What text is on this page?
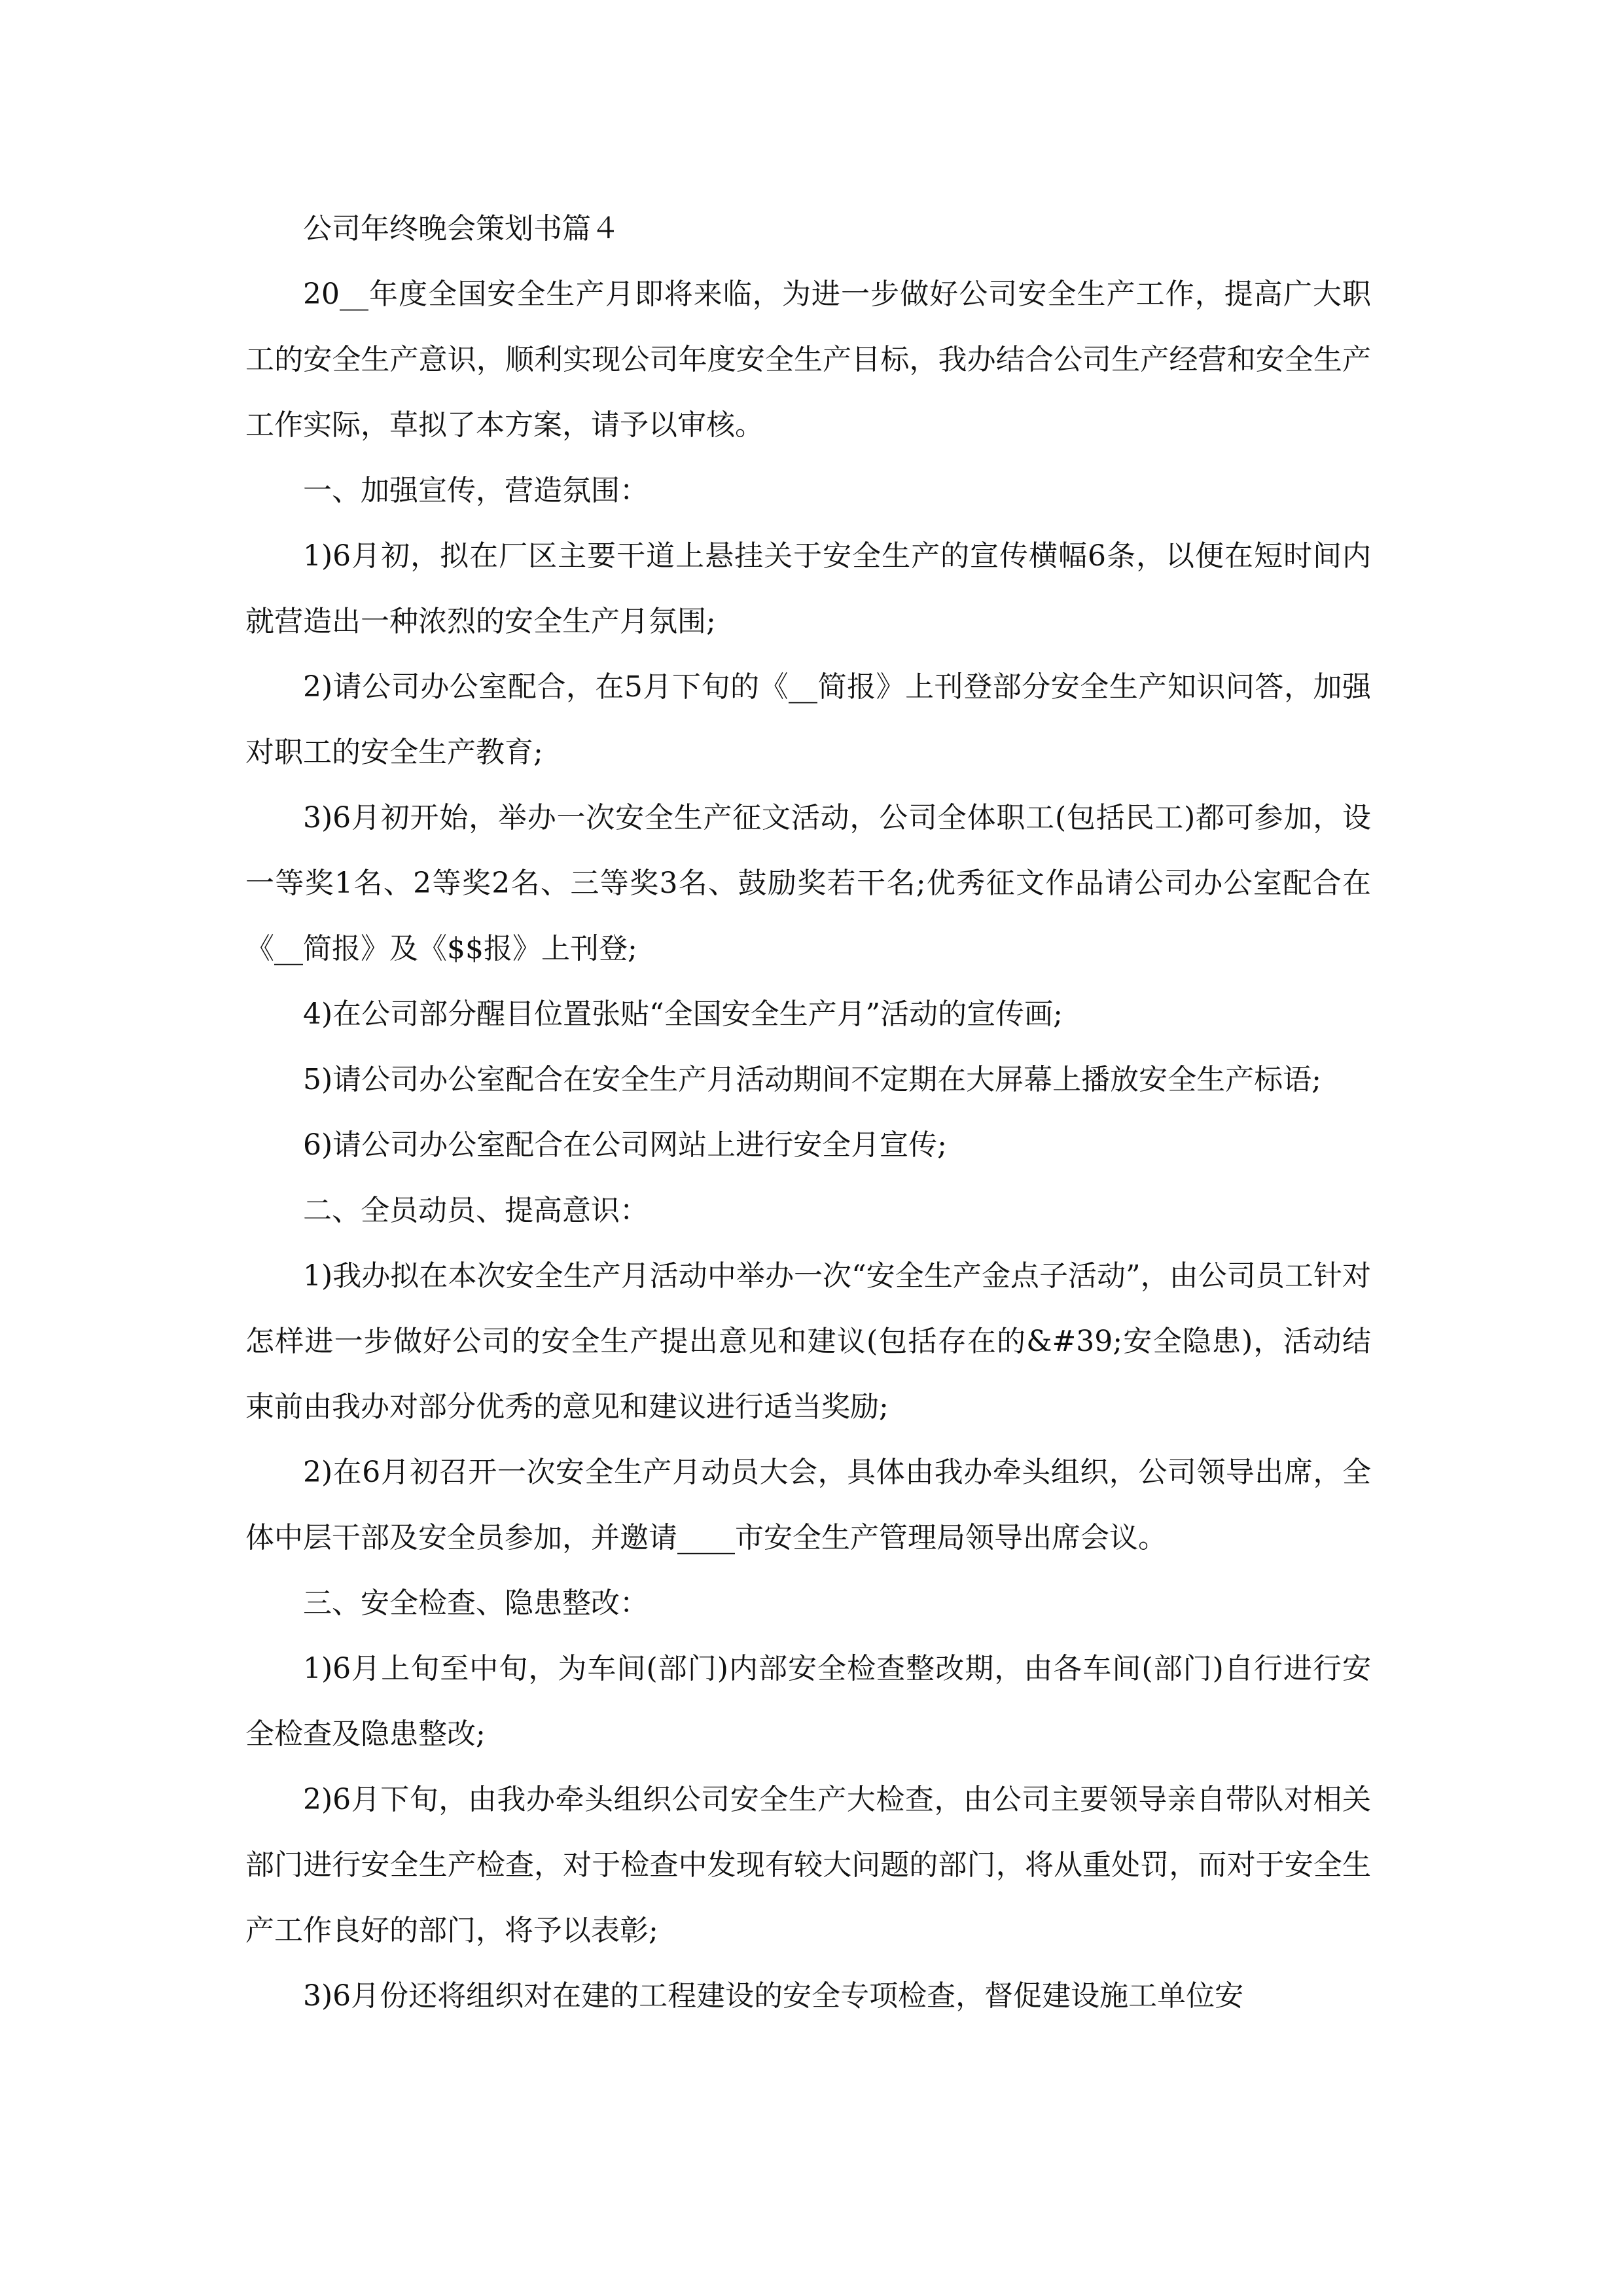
公司年终晚会策划书篇４

20__年度全国安全生产月即将来临，为进一步做好公司安全生产工作，提高广大职工的安全生产意识，顺利实现公司年度安全生产目标，我办结合公司生产经营和安全生产工作实际，草拟了本方案，请予以审核。

一、加强宣传，营造氛围：

1)6月初，拟在厂区主要干道上悬挂关于安全生产的宣传横幅6条，以便在短时间内就营造出一种浓烈的安全生产月氛围;

2)请公司办公室配合，在5月下旬的《__简报》上刊登部分安全生产知识问答，加强对职工的安全生产教育;

3)6月初开始，举办一次安全生产征文活动，公司全体职工(包括民工)都可参加，设一等奖1名、2等奖2名、三等奖3名、鼓励奖若干名;优秀征文作品请公司办公室配合在《__简报》及《$$报》上刊登;

4)在公司部分醒目位置张贴“全国安全生产月”活动的宣传画;

5)请公司办公室配合在安全生产月活动期间不定期在大屏幕上播放安全生产标语;

6)请公司办公室配合在公司网站上进行安全月宣传;

二、全员动员、提高意识：

1)我办拟在本次安全生产月活动中举办一次“安全生产金点子活动”，由公司员工针对怎样进一步做好公司的安全生产提出意见和建议(包括存在的&#39;安全隐患)，活动结束前由我办对部分优秀的意见和建议进行适当奖励;

2)在6月初召开一次安全生产月动员大会，具体由我办牵头组织，公司领导出席，全体中层干部及安全员参加，并邀请____市安全生产管理局领导出席会议。

三、安全检查、隐患整改：

1)6月上旬至中旬，为车间(部门)内部安全检查整改期，由各车间(部门)自行进行安全检查及隐患整改;

2)6月下旬，由我办牵头组织公司安全生产大检查，由公司主要领导亲自带队对相关部门进行安全生产检查，对于检查中发现有较大问题的部门，将从重处罚，而对于安全生产工作良好的部门，将予以表彰;

3)6月份还将组织对在建的工程建设的安全专项检查，督促建设施工单位安
